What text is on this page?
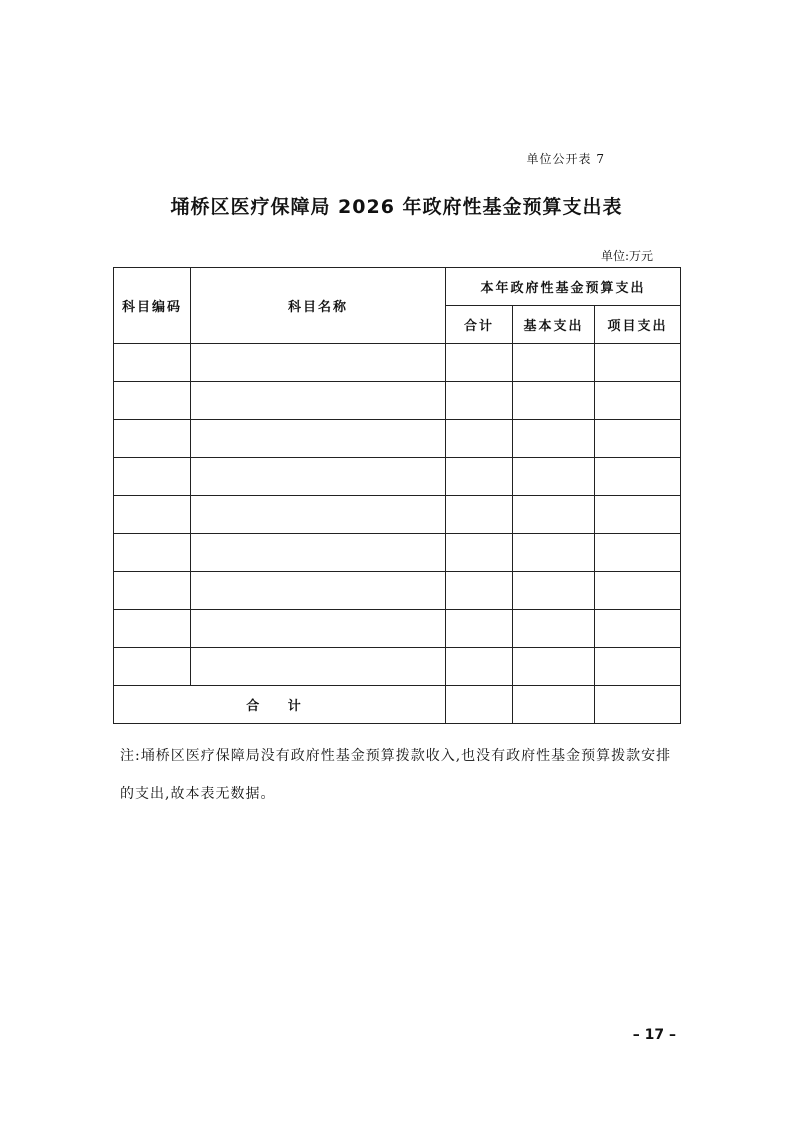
单位公开表 7
埇桥区医疗保障局 2026 年政府性基金预算支出表
单位:万元
科目编码	科目名称	本年政府性基金预算支出		
		合计	基本支出	项目支出

合 计				
注:埇桥区医疗保障局没有政府性基金预算拨款收入,也没有政府性基金预算拨款安排的支出,故本表无数据。
– 17 –
